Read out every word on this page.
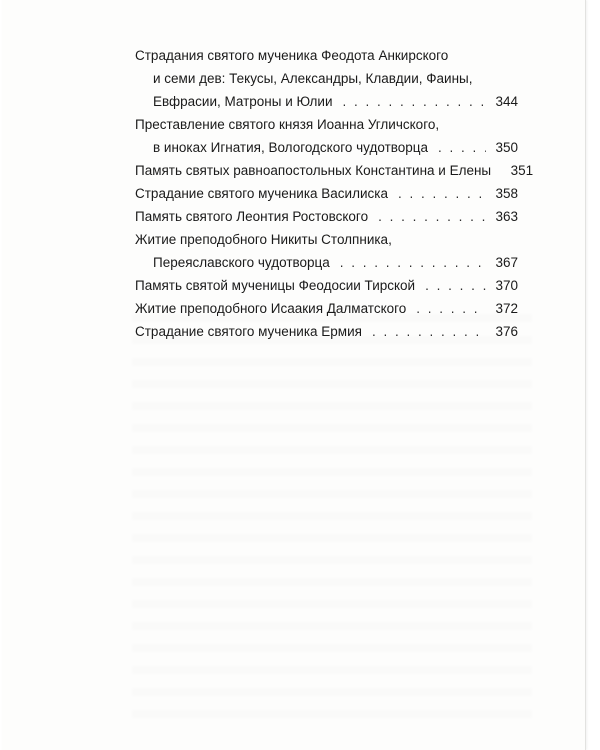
Страдания святого мученика Феодота Анкирского
и семи дев: Текусы, Александры, Клавдии, Фаины,
Евфрасии, Матроны и Юлии . . .	344
Преставление святого князя Иоанна Угличского,
в иноках Игнатия, Вологодского чудотворца . . .	350
Память святых равноапостольных Константина и Елены 351
Страдание святого мученика Василиска . . .	358
Память святого Леонтия Ростовского . . .	363
Житие преподобного Никиты Столпника,
Переяславского чудотворца . . .	367
Память святой мученицы Феодосии Тирской . . .	370
Житие преподобного Исаакия Далматского . . .	372
Страдание святого мученика Ермия . . .	376
